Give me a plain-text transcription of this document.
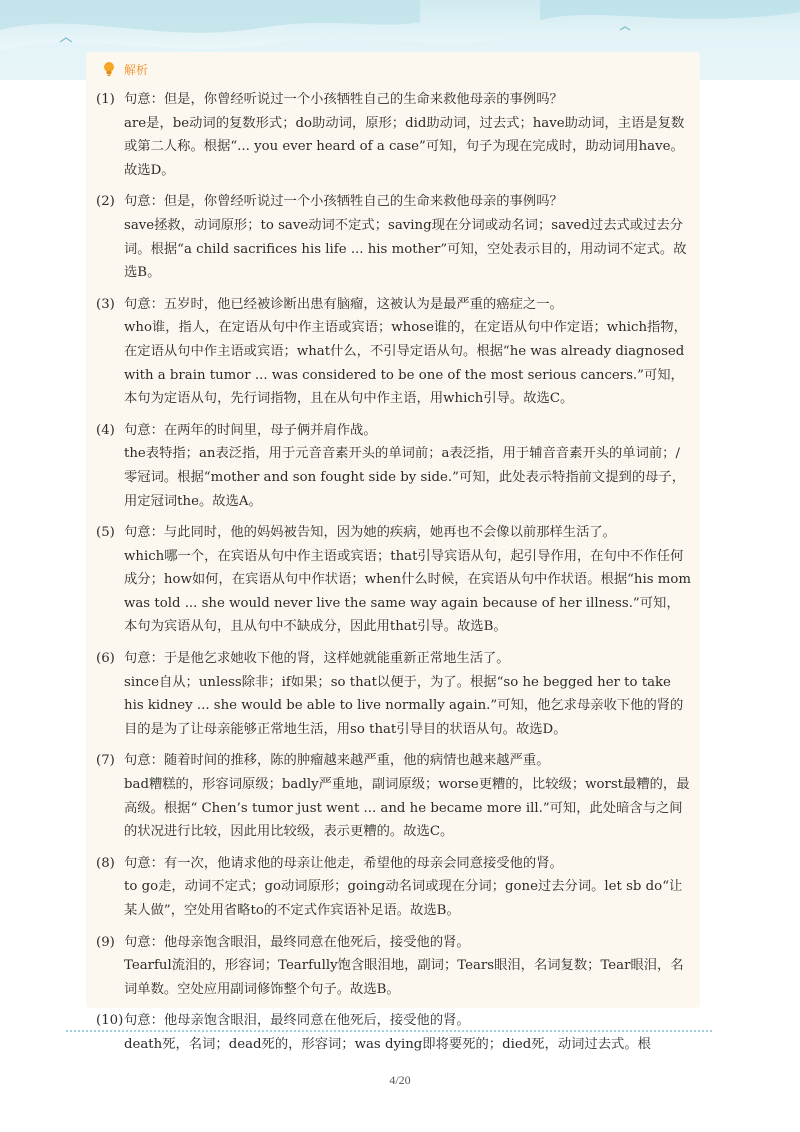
解析
(1) 句意：但是，你曾经听说过一个小孩牺牲自己的生命来救他母亲的事例吗？
are是，be动词的复数形式；do助动词，原形；did助动词，过去式；have助动词，主语是复数或第二人称。根据“... you ever heard of a case”可知，句子为现在完成时，助动词用have。故选D。
(2) 句意：但是，你曾经听说过一个小孩牺牲自己的生命来救他母亲的事例吗？
save拯救，动词原形；to save动词不定式；saving现在分词或动名词；saved过去式或过去分词。根据“a child sacrifices his life ... his mother”可知，空处表示目的，用动词不定式。故选B。
(3) 句意：五岁时，他已经被诊断出患有脑瘤，这被认为是最严重的癌症之一。
who谁，指人，在定语从句中作主语或宾语；whose谁的，在定语从句中作定语；which指物，在定语从句中作主语或宾语；what什么，不引导定语从句。根据“he was already diagnosed with a brain tumor ... was considered to be one of the most serious cancers.”可知，本句为定语从句，先行词指物，且在从句中作主语，用which引导。故选C。
(4) 句意：在两年的时间里，母子俩并肩作战。
the表特指；an表泛指，用于元音音素开头的单词前；a表泛指，用于辅音音素开头的单词前；/零冠词。根据“mother and son fought side by side.”可知，此处表示特指前文提到的母子，用定冠词the。故选A。
(5) 句意：与此同时，他的妈妈被告知，因为她的疾病，她再也不会像以前那样生活了。
which哪一个，在宾语从句中作主语或宾语；that引导宾语从句，起引导作用，在句中不作任何成分；how如何，在宾语从句中作状语；when什么时候，在宾语从句中作状语。根据“his mom was told ... she would never live the same way again because of her illness.”可知，本句为宾语从句，且从句中不缺成分，因此用that引导。故选B。
(6) 句意：于是他乞求她收下他的肾，这样她就能重新正常地生活了。
since自从；unless除非；if如果；so that以便于，为了。根据“so he begged her to take his kidney ... she would be able to live normally again.”可知，他乞求母亲收下他的肾的目的是为了让母亲能够正常地生活，用so that引导目的状语从句。故选D。
(7) 句意：随着时间的推移，陈的肿瘤越来越严重，他的病情也越来越严重。
bad糟糕的，形容词原级；badly严重地，副词原级；worse更糟的，比较级；worst最糟的，最高级。根据“ Chen’s tumor just went ... and he became more ill.”可知，此处暗含与之间的状况进行比较，因此用比较级，表示更糟的。故选C。
(8) 句意：有一次，他请求他的母亲让他走，希望他的母亲会同意接受他的肾。
to go走，动词不定式；go动词原形；going动名词或现在分词；gone过去分词。let sb do“让某人做”，空处用省略to的不定式作宾语补足语。故选B。
(9) 句意：他母亲饱含眼泪，最终同意在他死后，接受他的肾。
Tearful流泪的，形容词；Tearfully饱含眼泪地，副词；Tears眼泪，名词复数；Tear眼泪，名词单数。空处应用副词修饰整个句子。故选B。
(10) 句意：他母亲饱含眼泪，最终同意在他死后，接受他的肾。
death死，名词；dead死的，形容词；was dying即将要死的；died死，动词过去式。根
4/20
